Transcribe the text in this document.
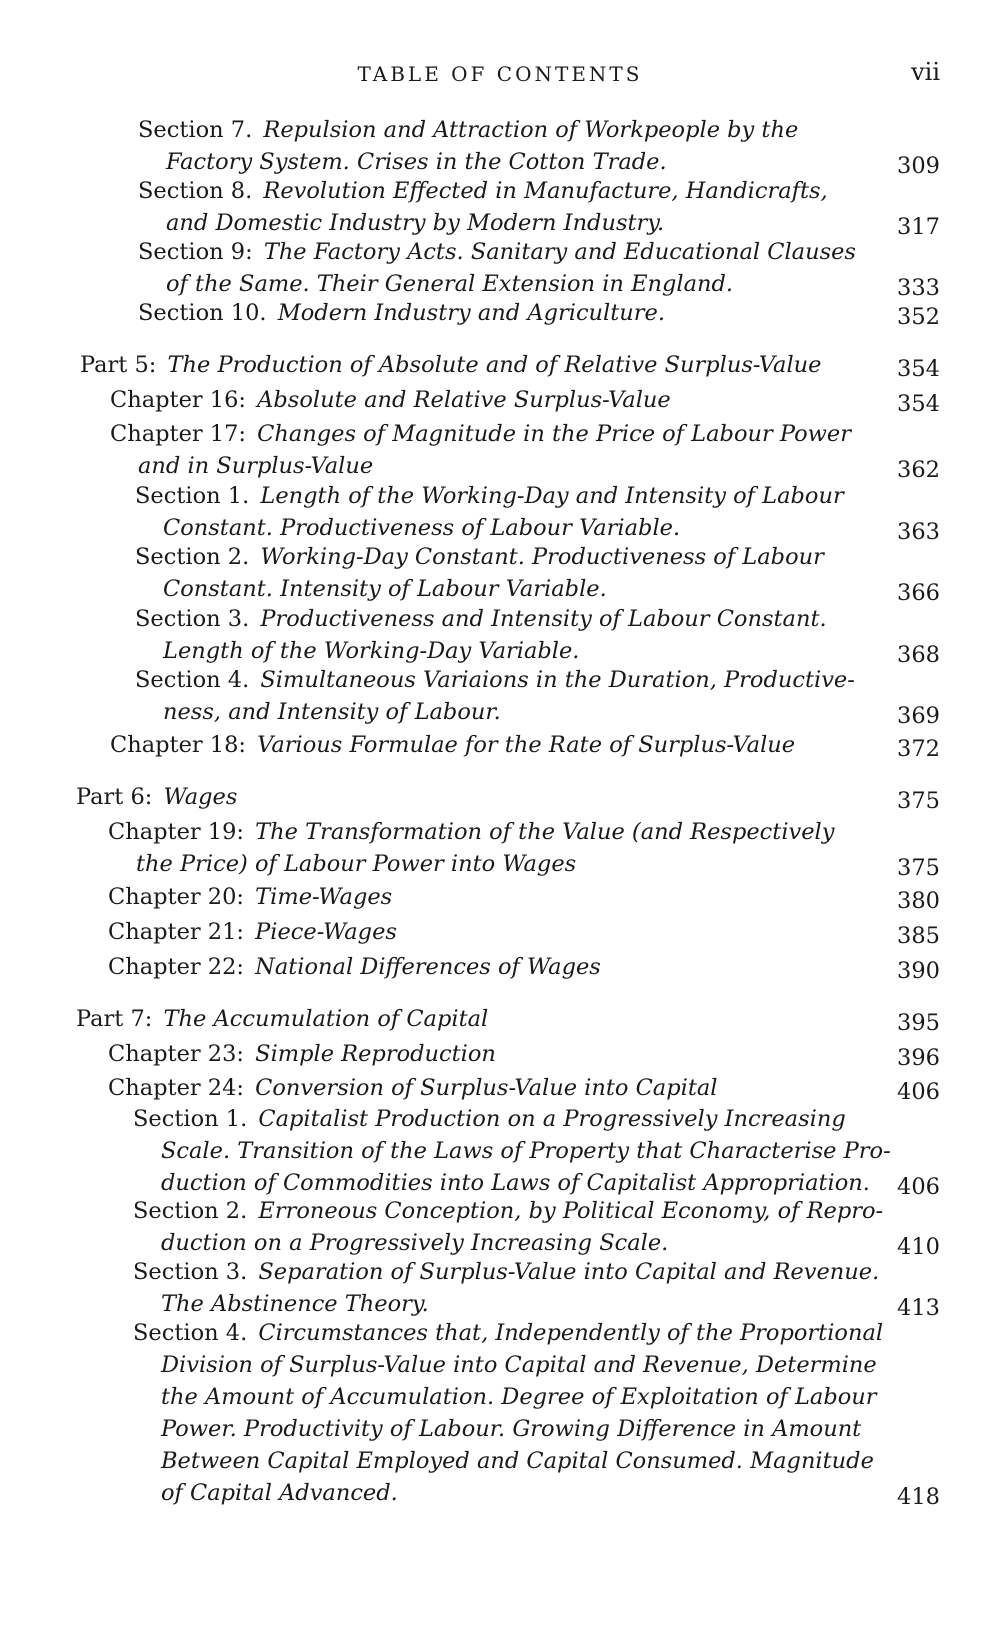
TABLE OF CONTENTS	vii
Section 7. Repulsion and Attraction of Workpeople by the
Factory System. Crises in the Cotton Trade.	309
Section 8. Revolution Effected in Manufacture, Handicrafts,
and Domestic Industry by Modern Industry.	317
Section 9: The Factory Acts. Sanitary and Educational Clauses
of the Same. Their General Extension in England.	333
Section 10. Modern Industry and Agriculture.	352
Part 5: The Production of Absolute and of Relative Surplus-Value	354
Chapter 16: Absolute and Relative Surplus-Value	354
Chapter 17: Changes of Magnitude in the Price of Labour Power
and in Surplus-Value	362
Section 1. Length of the Working-Day and Intensity of Labour
Constant. Productiveness of Labour Variable.	363
Section 2. Working-Day Constant. Productiveness of Labour
Constant. Intensity of Labour Variable.	366
Section 3. Productiveness and Intensity of Labour Constant.
Length of the Working-Day Variable.	368
Section 4. Simultaneous Variaions in the Duration, Productive-
ness, and Intensity of Labour.	369
Chapter 18: Various Formulae for the Rate of Surplus-Value	372
Part 6: Wages	375
Chapter 19: The Transformation of the Value (and Respectively
the Price) of Labour Power into Wages	375
Chapter 20: Time-Wages	380
Chapter 21: Piece-Wages	385
Chapter 22: National Differences of Wages	390
Part 7: The Accumulation of Capital	395
Chapter 23: Simple Reproduction	396
Chapter 24: Conversion of Surplus-Value into Capital	406
Section 1. Capitalist Production on a Progressively Increasing
Scale. Transition of the Laws of Property that Characterise Pro-
duction of Commodities into Laws of Capitalist Appropriation.	406
Section 2. Erroneous Conception, by Political Economy, of Repro-
duction on a Progressively Increasing Scale.	410
Section 3. Separation of Surplus-Value into Capital and Revenue.
The Abstinence Theory.	413
Section 4. Circumstances that, Independently of the Proportional
Division of Surplus-Value into Capital and Revenue, Determine
the Amount of Accumulation. Degree of Exploitation of Labour
Power. Productivity of Labour. Growing Difference in Amount
Between Capital Employed and Capital Consumed. Magnitude
of Capital Advanced.	418
